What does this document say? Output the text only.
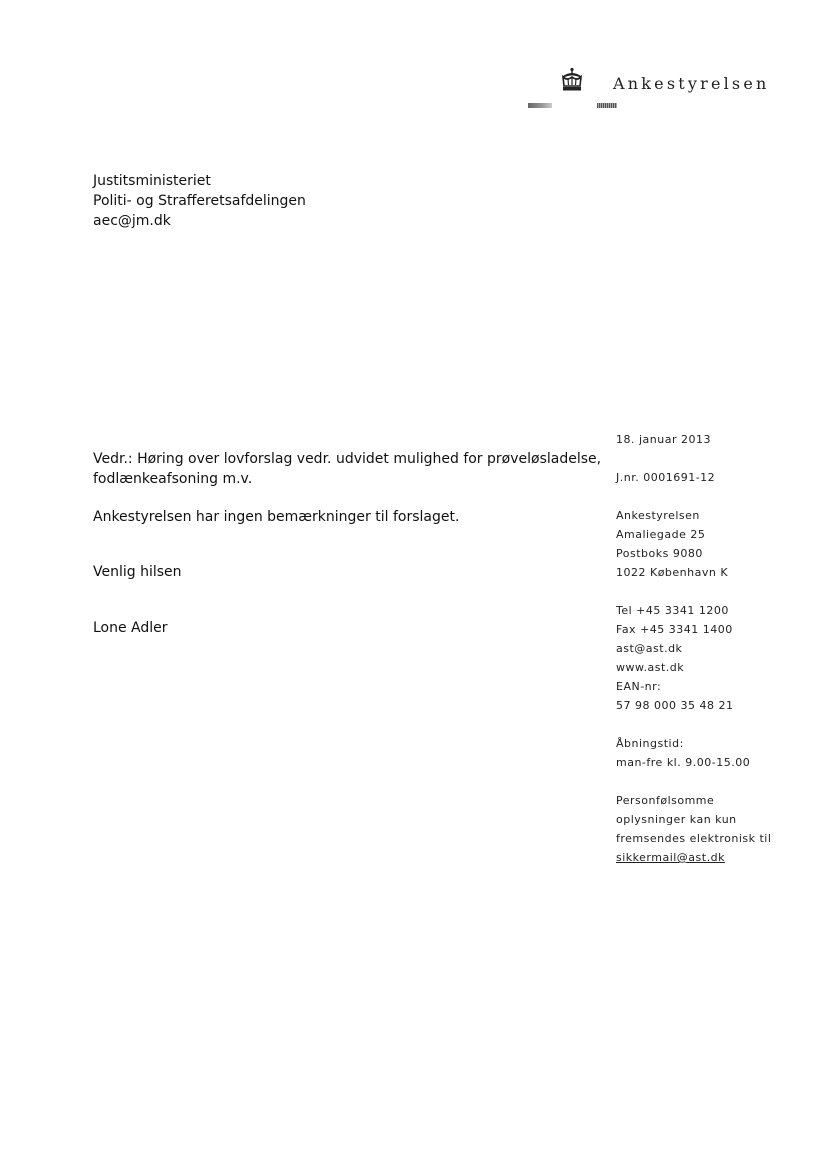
Ankestyrelsen
Justitsministeriet
Politi- og Strafferetsafdelingen
aec@jm.dk
Vedr.: Høring over lovforslag vedr. udvidet mulighed for prøveløsladelse,
fodlænkeafsoning m.v.
Ankestyrelsen har ingen bemærkninger til forslaget.
Venlig hilsen
Lone Adler
18. januar 2013
J.nr. 0001691-12
Ankestyrelsen
Amaliegade 25
Postboks 9080
1022 København K
Tel +45 3341 1200
Fax +45 3341 1400
ast@ast.dk
www.ast.dk
EAN-nr:
57 98 000 35 48 21
Åbningstid:
man-fre kl. 9.00-15.00
Personfølsomme
oplysninger kan kun
fremsendes elektronisk til
sikkermail@ast.dk
